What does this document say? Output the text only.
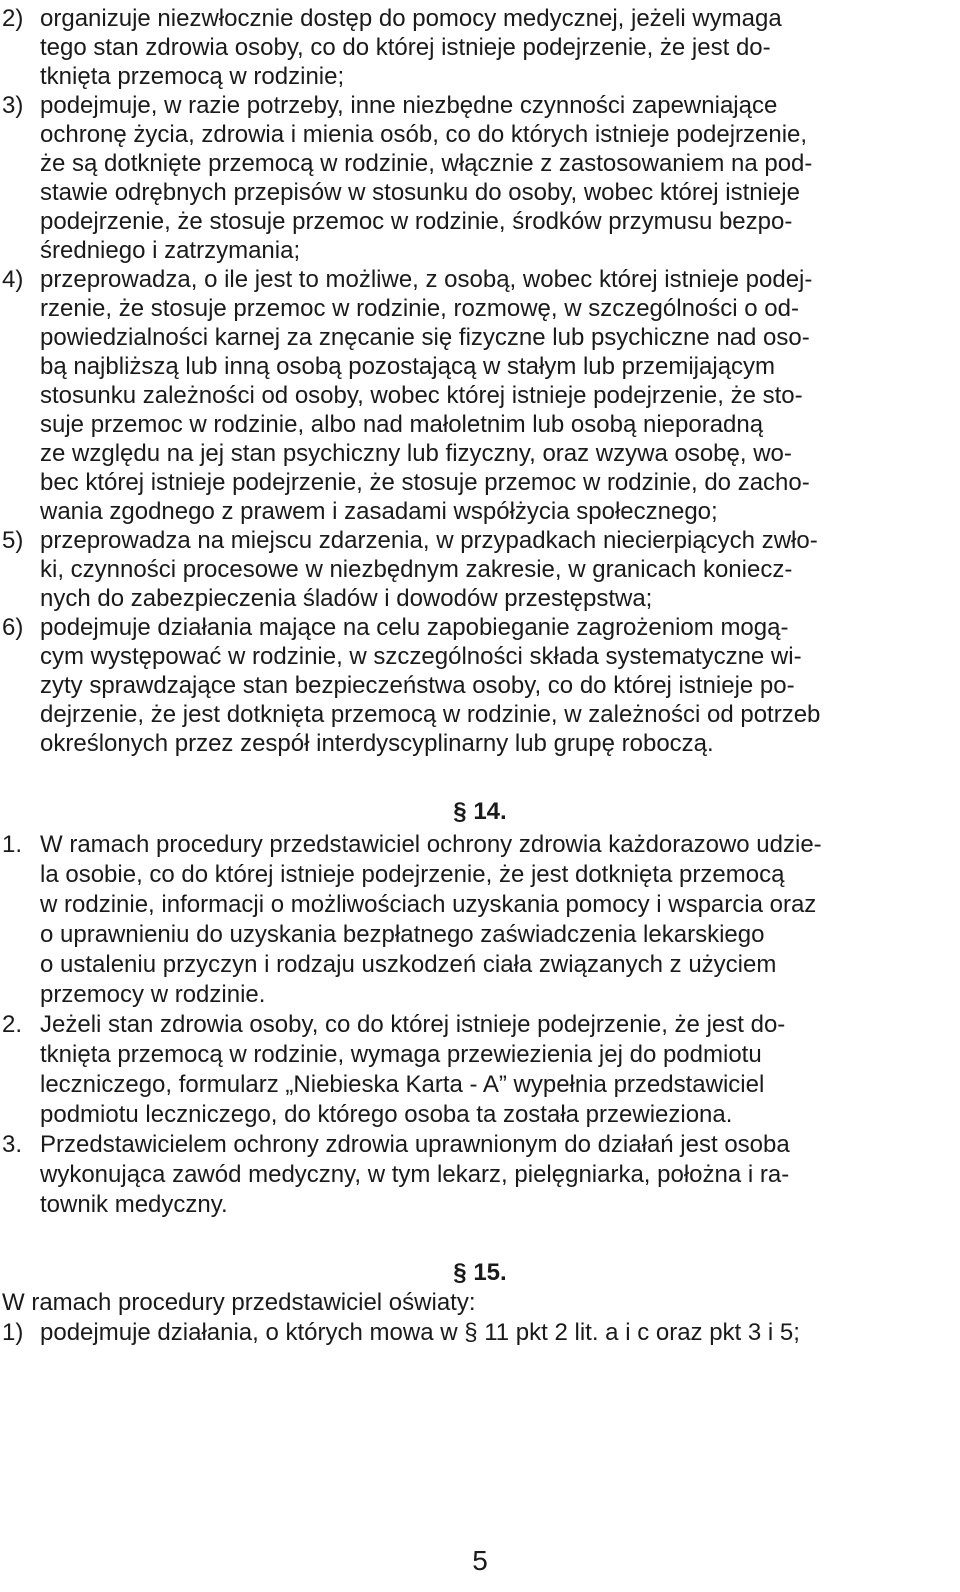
2) organizuje niezwłocznie dostęp do pomocy medycznej, jeżeli wymaga
tego stan zdrowia osoby, co do której istnieje podejrzenie, że jest do-
tknięta przemocą w rodzinie;
3) podejmuje, w razie potrzeby, inne niezbędne czynności zapewniające
ochronę życia, zdrowia i mienia osób, co do których istnieje podejrzenie,
że są dotknięte przemocą w rodzinie, włącznie z zastosowaniem na pod-
stawie odrębnych przepisów w stosunku do osoby, wobec której istnieje
podejrzenie, że stosuje przemoc w rodzinie, środków przymusu bezpo-
średniego i zatrzymania;
4) przeprowadza, o ile jest to możliwe, z osobą, wobec której istnieje podej-
rzenie, że stosuje przemoc w rodzinie, rozmowę, w szczególności o od-
powiedzialności karnej za znęcanie się fizyczne lub psychiczne nad oso-
bą najbliższą lub inną osobą pozostającą w stałym lub przemijającym
stosunku zależności od osoby, wobec której istnieje podejrzenie, że sto-
suje przemoc w rodzinie, albo nad małoletnim lub osobą nieporadną
ze względu na jej stan psychiczny lub fizyczny, oraz wzywa osobę, wo-
bec której istnieje podejrzenie, że stosuje przemoc w rodzinie, do zacho-
wania zgodnego z prawem i zasadami współżycia społecznego;
5) przeprowadza na miejscu zdarzenia, w przypadkach niecierpiących zwło-
ki, czynności procesowe w niezbędnym zakresie, w granicach koniecz-
nych do zabezpieczenia śladów i dowodów przestępstwa;
6) podejmuje działania mające na celu zapobieganie zagrożeniom mogą-
cym występować w rodzinie, w szczególności składa systematyczne wi-
zyty sprawdzające stan bezpieczeństwa osoby, co do której istnieje po-
dejrzenie, że jest dotknięta przemocą w rodzinie, w zależności od potrzeb
określonych przez zespół interdyscyplinarny lub grupę roboczą.
§ 14.
1. W ramach procedury przedstawiciel ochrony zdrowia każdorazowo udzie-
la osobie, co do której istnieje podejrzenie, że jest dotknięta przemocą
w rodzinie, informacji o możliwościach uzyskania pomocy i wsparcia oraz
o uprawnieniu do uzyskania bezpłatnego zaświadczenia lekarskiego
o ustaleniu przyczyn i rodzaju uszkodzeń ciała związanych z użyciem
przemocy w rodzinie.
2. Jeżeli stan zdrowia osoby, co do której istnieje podejrzenie, że jest do-
tknięta przemocą w rodzinie, wymaga przewiezienia jej do podmiotu
leczniczego, formularz „Niebieska Karta - A” wypełnia przedstawiciel
podmiotu leczniczego, do którego osoba ta została przewieziona.
3. Przedstawicielem ochrony zdrowia uprawnionym do działań jest osoba
wykonująca zawód medyczny, w tym lekarz, pielęgniarka, położna i ra-
townik medyczny.
§ 15.
W ramach procedury przedstawiciel oświaty:
1) podejmuje działania, o których mowa w § 11 pkt 2 lit. a i c oraz pkt 3 i 5;
5
